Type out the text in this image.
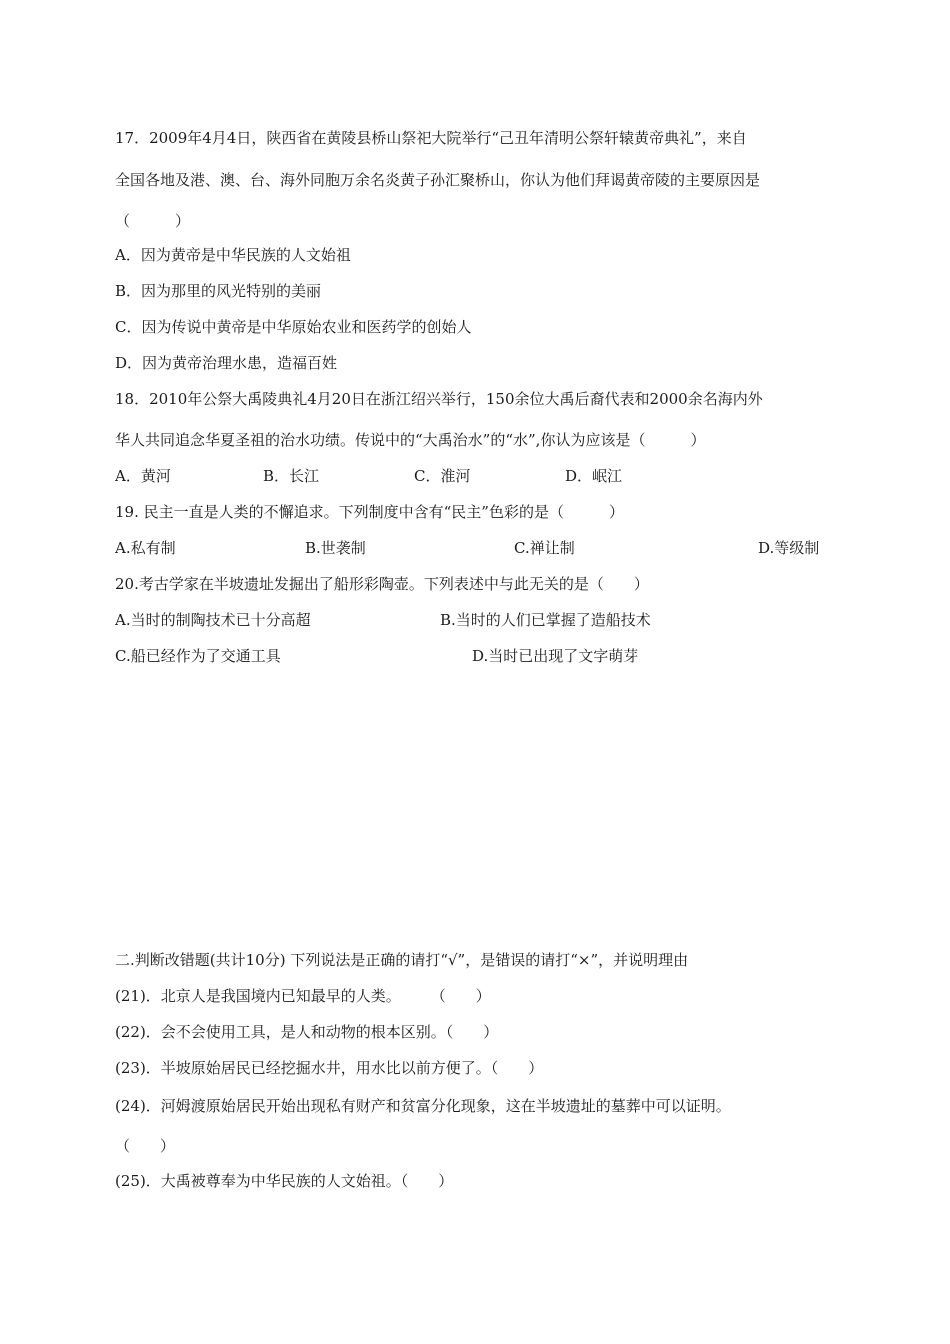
17．2009年4月4日，陕西省在黄陵县桥山祭祀大院举行“己丑年清明公祭轩辕黄帝典礼”，来自
全国各地及港、澳、台、海外同胞万余名炎黄子孙汇聚桥山，你认为他们拜谒黄帝陵的主要原因是
（　　　）
A．因为黄帝是中华民族的人文始祖
B．因为那里的风光特别的美丽
C．因为传说中黄帝是中华原始农业和医药学的创始人
D．因为黄帝治理水患，造福百姓
18．2010年公祭大禹陵典礼4月20日在浙江绍兴举行，150余位大禹后裔代表和2000余名海内外
华人共同追念华夏圣祖的治水功绩。传说中的“大禹治水”的“水”,你认为应该是（　　　）
A．黄河	B．长江	C．淮河	D．岷江
19. 民主一直是人类的不懈追求。下列制度中含有“民主”色彩的是（　　　）
A.私有制	B.世袭制	C.禅让制	D.等级制
20.考古学家在半坡遗址发掘出了船形彩陶壶。下列表述中与此无关的是（　　）
A.当时的制陶技术已十分高超	B.当时的人们已掌握了造船技术
C.船已经作为了交通工具	D.当时已出现了文字萌芽
二.判断改错题(共计10分) 下列说法是正确的请打“√”，是错误的请打“×”，并说明理由
(21)．北京人是我国境内已知最早的人类。　　　（　　）
(22)．会不会使用工具，是人和动物的根本区别。（　　）
(23)．半坡原始居民已经挖掘水井，用水比以前方便了。（　　）
(24)．河姆渡原始居民开始出现私有财产和贫富分化现象，这在半坡遗址的墓葬中可以证明。
（　　）
(25)．大禹被尊奉为中华民族的人文始祖。（　　）
